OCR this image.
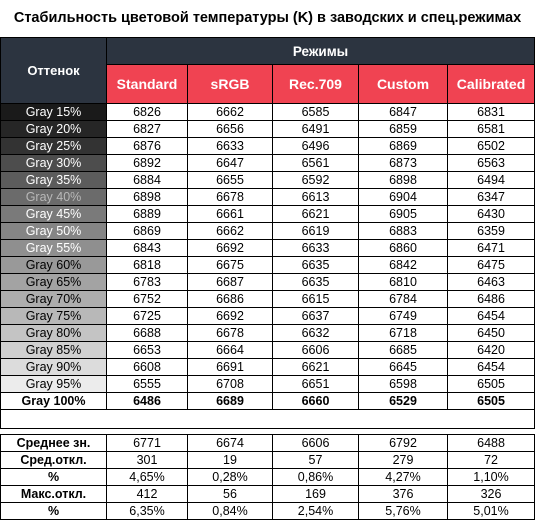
Стабильность цветовой температуры (K) в заводских и спец.режимах
Оттенок	Режимы				
	Standard	sRGB	Rec.709	Custom	Calibrated
Gray 15%	6826	6662	6585	6847	6831
Gray 20%	6827	6656	6491	6859	6581
Gray 25%	6876	6633	6496	6869	6502
Gray 30%	6892	6647	6561	6873	6563
Gray 35%	6884	6655	6592	6898	6494
Gray 40%	6898	6678	6613	6904	6347
Gray 45%	6889	6661	6621	6905	6430
Gray 50%	6869	6662	6619	6883	6359
Gray 55%	6843	6692	6633	6860	6471
Gray 60%	6818	6675	6635	6842	6475
Gray 65%	6783	6687	6635	6810	6463
Gray 70%	6752	6686	6615	6784	6486
Gray 75%	6725	6692	6637	6749	6454
Gray 80%	6688	6678	6632	6718	6450
Gray 85%	6653	6664	6606	6685	6420
Gray 90%	6608	6691	6621	6645	6454
Gray 95%	6555	6708	6651	6598	6505
Gray 100%	6486	6689	6660	6529	6505

Среднее зн.	6771	6674	6606	6792	6488
Сред.откл.	301	19	57	279	72
%	4,65%	0,28%	0,86%	4,27%	1,10%
Макс.откл.	412	56	169	376	326
%	6,35%	0,84%	2,54%	5,76%	5,01%
